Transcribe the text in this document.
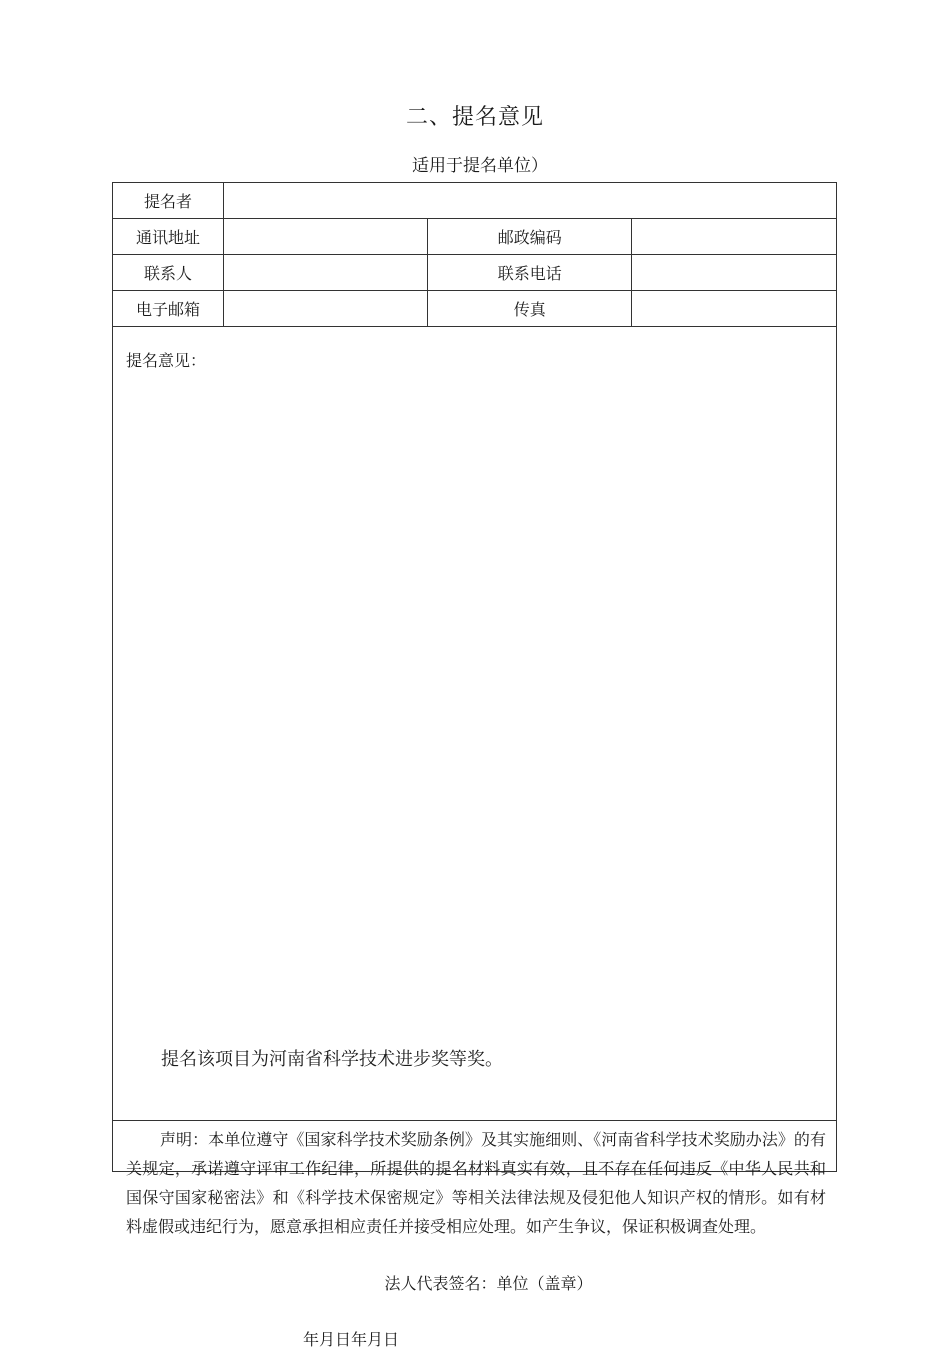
二、提名意见
适用于提名单位）
提名者			
通讯地址		邮政编码	
联系人		联系电话	
电子邮箱		传真	
提名意见：
提名该项目为河南省科学技术进步奖等奖。
声明：本单位遵守《国家科学技术奖励条例》及其实施细则、《河南省科学技术奖励办法》的有关规定，承诺遵守评审工作纪律，所提供的提名材料真实有效，且不存在任何违反《中华人民共和国保守国家秘密法》和《科学技术保密规定》等相关法律法规及侵犯他人知识产权的情形。如有材料虚假或违纪行为，愿意承担相应责任并接受相应处理。如产生争议，保证积极调查处理。
法人代表签名：单位（盖章）
年月日年月日
